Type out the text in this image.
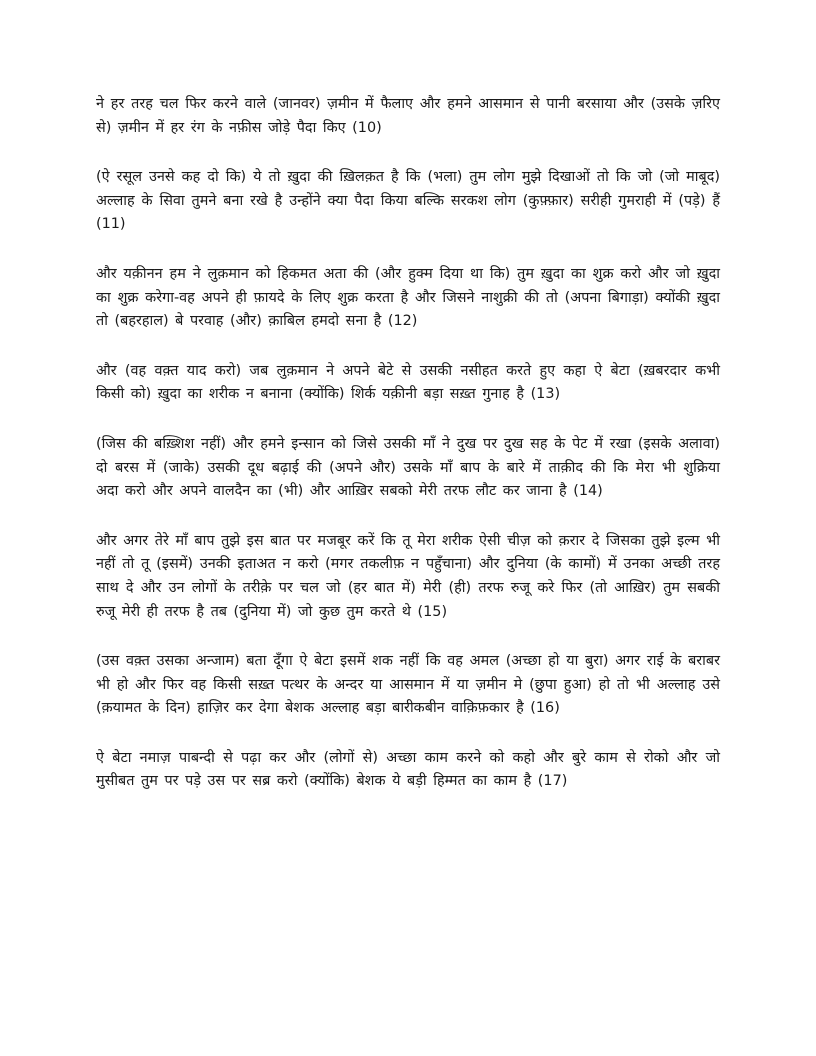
ने हर तरह चल फिर करने वाले (जानवर) ज़मीन में फैलाए और हमने आसमान से पानी बरसाया और (उसके ज़रिए से) ज़मीन में हर रंग के नफ़ीस जोड़े पैदा किए (10)

(ऐ रसूल उनसे कह दो कि) ये तो ख़ुदा की ख़िलक़त है कि (भला) तुम लोग मुझे दिखाओं तो कि जो (जो माबूद) अल्लाह के सिवा तुमने बना रखे है उन्होंने क्या पैदा किया बल्कि सरकश लोग (कुफ़्फ़ार) सरीही गुमराही में (पड़े) हैं (11)

और यक़ीनन हम ने लुक़मान को हिकमत अता की (और हुक्म दिया था कि) तुम ख़ुदा का शुक्र करो और जो ख़ुदा का शुक्र करेगा-वह अपने ही फ़ायदे के लिए शुक्र करता है और जिसने नाशुक्री की तो (अपना बिगाड़ा) क्योंकी ख़ुदा तो (बहरहाल) बे परवाह (और) क़ाबिल हमदो सना है (12)

और (वह वक़्त याद करो) जब लुक़मान ने अपने बेटे से उसकी नसीहत करते हुए कहा ऐ बेटा (ख़बरदार कभी किसी को) ख़ुदा का शरीक न बनाना (क्योंकि) शिर्क यक़ीनी बड़ा सख़्त गुनाह है (13)

(जिस की बख़्शिश नहीं) और हमने इन्सान को जिसे उसकी माँ ने दुख पर दुख सह के पेट में रखा (इसके अलावा) दो बरस में (जाके) उसकी दूध बढ़ाई की (अपने और) उसके माँ बाप के बारे में ताक़ीद की कि मेरा भी शुक्रिया अदा करो और अपने वालदैन का (भी) और आख़िर सबको मेरी तरफ लौट कर जाना है (14)

और अगर तेरे माँ बाप तुझे इस बात पर मजबूर करें कि तू मेरा शरीक ऐसी चीज़ को क़रार दे जिसका तुझे इल्म भी नहीं तो तू (इसमें) उनकी इताअत न करो (मगर तकलीफ़ न पहुँचाना) और दुनिया (के कामों) में उनका अच्छी तरह साथ दे और उन लोगों के तरीके़ पर चल जो (हर बात में) मेरी (ही) तरफ रुजू करे फिर (तो आख़िर) तुम सबकी रुजू मेरी ही तरफ है तब (दुनिया में) जो कुछ तुम करते थे (15)

(उस वक़्त उसका अन्जाम) बता दूँगा ऐ बेटा इसमें शक नहीं कि वह अमल (अच्छा हो या बुरा) अगर राई के बराबर भी हो और फिर वह किसी सख़्त पत्थर के अन्दर या आसमान में या ज़मीन मे (छुपा हुआ) हो तो भी अल्लाह उसे (क़यामत के दिन) हाज़िर कर देगा बेशक अल्लाह बड़ा बारीकबीन वाक़िफ़कार है (16)

ऐ बेटा नमाज़ पाबन्दी से पढ़ा कर और (लोगों से) अच्छा काम करने को कहो और बुरे काम से रोको और जो मुसीबत तुम पर पड़े उस पर सब्र करो (क्योंकि) बेशक ये बड़ी हिम्मत का काम है (17)
